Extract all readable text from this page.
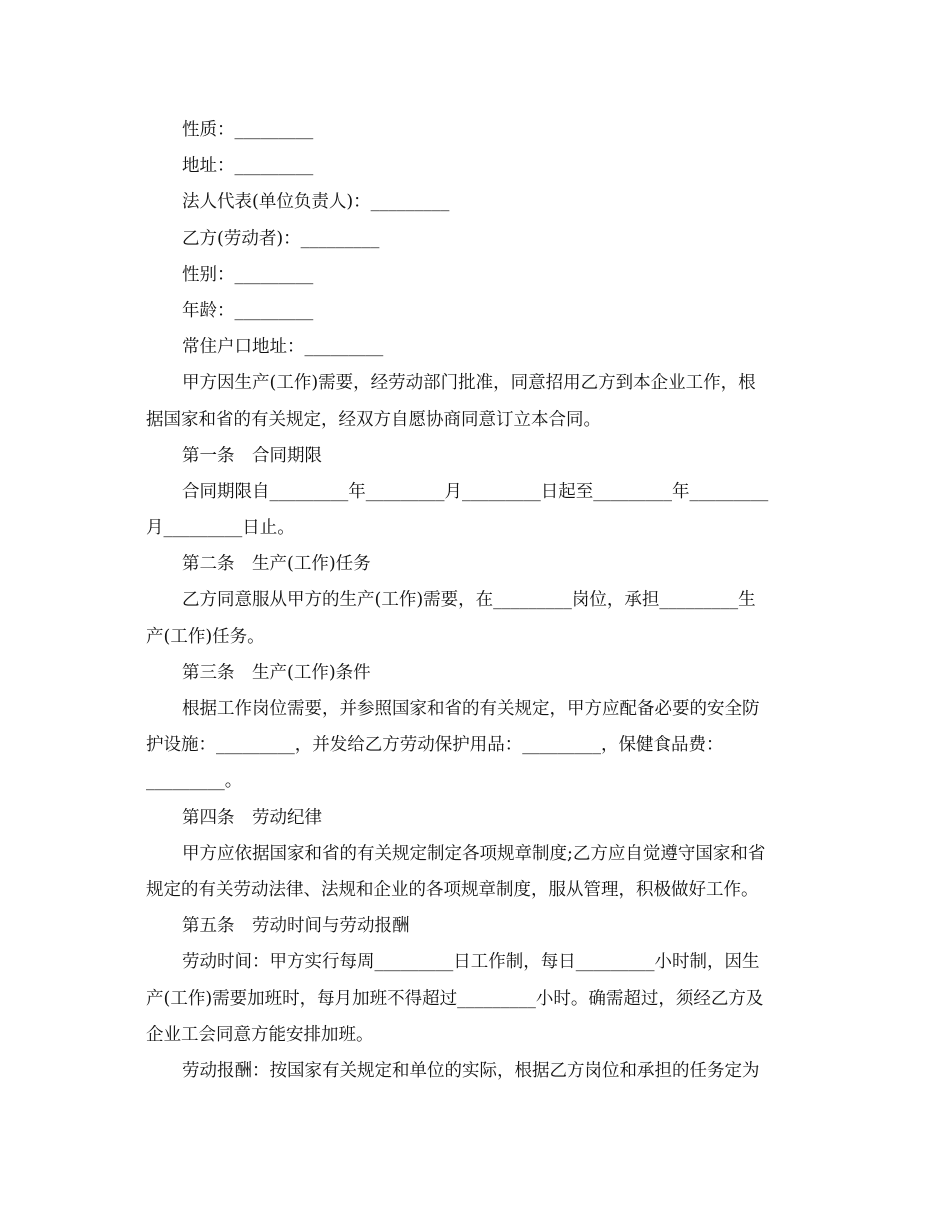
性质：_________
地址：_________
法人代表(单位负责人)：_________
乙方(劳动者)：_________
性别：_________
年龄：_________
常住户口地址：_________
甲方因生产(工作)需要，经劳动部门批准，同意招用乙方到本企业工作，根
据国家和省的有关规定，经双方自愿协商同意订立本合同。
第一条　合同期限
合同期限自_________年_________月_________日起至_________年_________
月_________日止。
第二条　生产(工作)任务
乙方同意服从甲方的生产(工作)需要，在_________岗位，承担_________生
产(工作)任务。
第三条　生产(工作)条件
根据工作岗位需要，并参照国家和省的有关规定，甲方应配备必要的安全防
护设施：_________，并发给乙方劳动保护用品：_________，保健食品费：
_________。
第四条　劳动纪律
甲方应依据国家和省的有关规定制定各项规章制度;乙方应自觉遵守国家和省
规定的有关劳动法律、法规和企业的各项规章制度，服从管理，积极做好工作。
第五条　劳动时间与劳动报酬
劳动时间：甲方实行每周_________日工作制，每日_________小时制，因生
产(工作)需要加班时，每月加班不得超过_________小时。确需超过，须经乙方及
企业工会同意方能安排加班。
劳动报酬：按国家有关规定和单位的实际，根据乙方岗位和承担的任务定为
